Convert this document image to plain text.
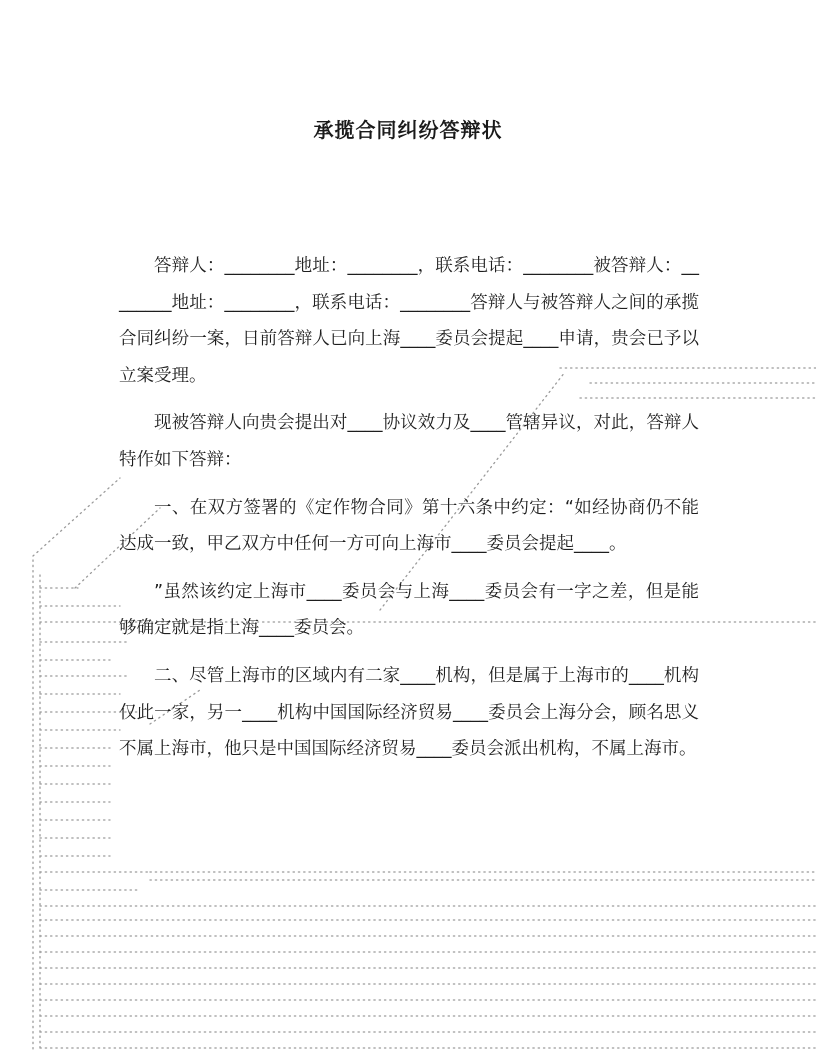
承揽合同纠纷答辩状

答辩人：________地址：________，联系电话：________被答辩人：________地址：________，联系电话：________答辩人与被答辩人之间的承揽合同纠纷一案，日前答辩人已向上海____委员会提起____申请，贵会已予以立案受理。

现被答辩人向贵会提出对____协议效力及____管辖异议，对此，答辩人特作如下答辩：

一、在双方签署的《定作物合同》第十六条中约定：“如经协商仍不能达成一致，甲乙双方中任何一方可向上海市____委员会提起____。

”虽然该约定上海市____委员会与上海____委员会有一字之差，但是能够确定就是指上海____委员会。

二、尽管上海市的区域内有二家____机构，但是属于上海市的____机构仅此一家，另一____机构中国国际经济贸易____委员会上海分会，顾名思义不属上海市，他只是中国国际经济贸易____委员会派出机构，不属上海市。
